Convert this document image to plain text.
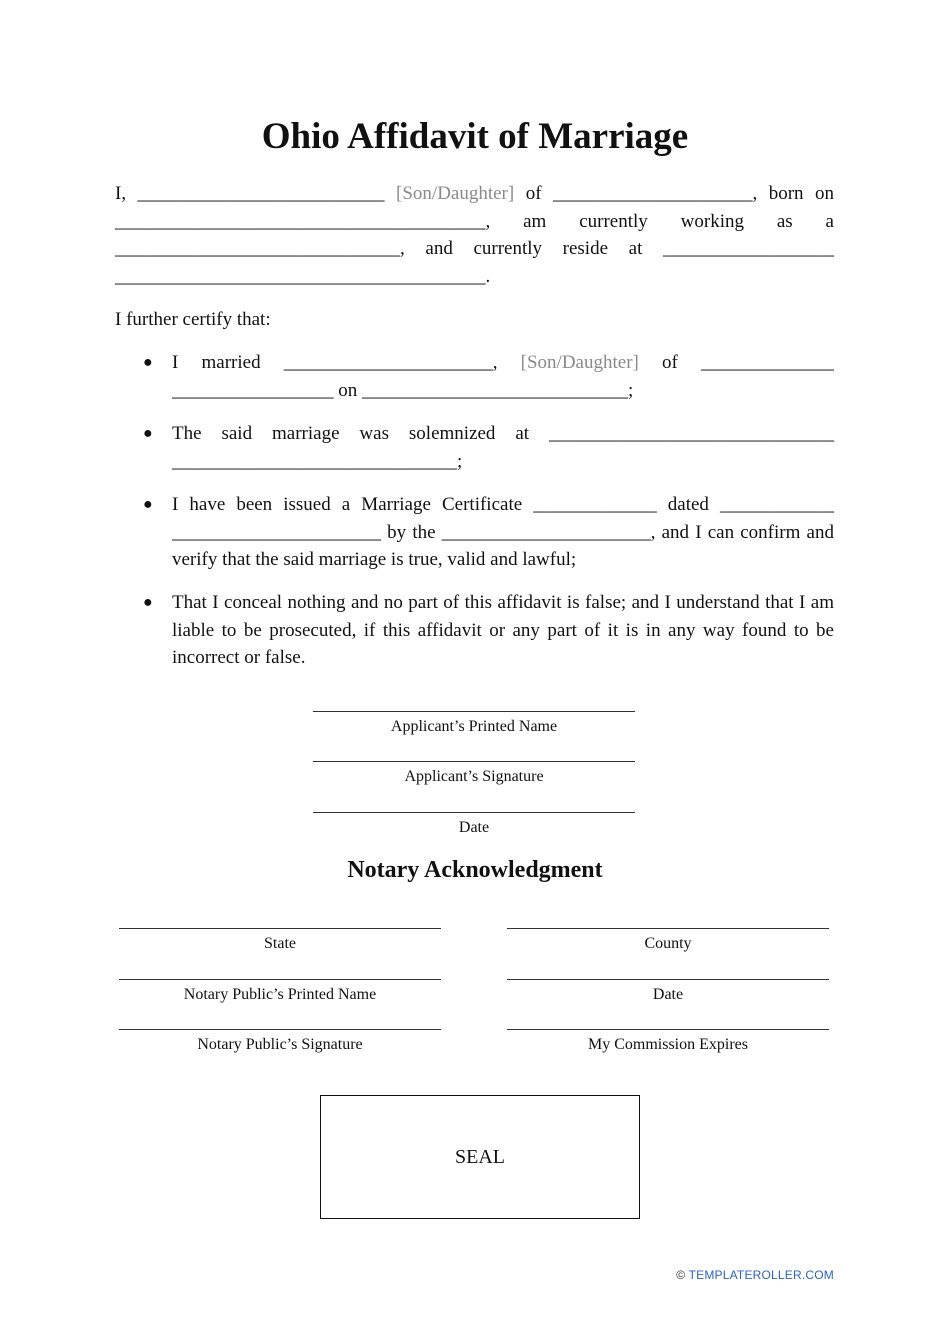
Ohio Affidavit of Marriage

I, __________________________ [Son/Daughter] of _____________________, born on _______________________________________, am currently working as a ______________________________, and currently reside at __________________ _______________________________________.

I further certify that:

● I married ______________________, [Son/Daughter] of ______________ _________________ on ____________________________;
● The said marriage was solemnized at ______________________________ ______________________________;
● I have been issued a Marriage Certificate _____________ dated ____________ ______________________ by the ______________________, and I can confirm and verify that the said marriage is true, valid and lawful;
● That I conceal nothing and no part of this affidavit is false; and I understand that I am liable to be prosecuted, if this affidavit or any part of it is in any way found to be incorrect or false.
Applicant’s Printed Name
Applicant’s Signature
Date
Notary Acknowledgment
State
Notary Public’s Printed Name
Notary Public’s Signature
County
Date
My Commission Expires
SEAL
© TEMPLATEROLLER.COM
